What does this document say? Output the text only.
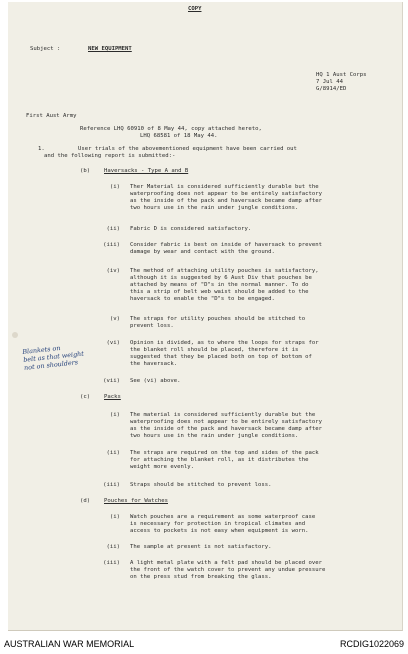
COPY
Subject :	NEW EQUIPMENT
HQ 1 Aust Corps
7 Jul 44
G/8914/ED
First Aust Army
Reference LHQ 60910 of 8 May 44, copy attached hereto,
LHQ 68581 of 18 May 44.
1.	User trials of the abovementioned equipment have been carried out
and the following report is submitted:-
(b) Haversacks - Type A and B
(i) Ther Material is considered sufficiently durable but the
waterproofing does not appear to be entirely satisfactory
as the inside of the pack and haversack became damp after
two hours use in the rain under jungle conditions.
(ii) Fabric D is considered satisfactory.
(iii) Consider fabric is best on inside of haversack to prevent
damage by wear and contact with the ground.
(iv) The method of attaching utility pouches is satisfactory,
although it is suggested by 6 Aust Div that pouches be
attached by means of "D"s in the normal manner. To do
this a strip of belt web waist should be added to the
haversack to enable the "D"s to be engaged.
(v) The straps for utility pouches should be stitched to
prevent loss.
(vi) Opinion is divided, as to where the loops for straps for
the blanket roll should be placed, therefore it is
suggested that they be placed both on top of bottom of
the haversack.
(vii) See (vi) above.
Blankets on
belt as that weight
not on shoulders
(c) Packs
(i) The material is considered sufficiently durable but the
waterproofing does not appear to be entirely satisfactory
as the inside of the pack and haversack became damp after
two hours use in the rain under jungle conditions.
(ii) The straps are required on the top and sides of the pack
for attaching the blanket roll, as it distributes the
weight more evenly.
(iii) Straps should be stitched to prevent loss.
(d) Pouches for Watches
(i) Watch pouches are a requirement as some waterproof case
is necessary for protection in tropical climates and
access to pockets is not easy when equipment is worn.
(ii) The sample at present is not satisfactory.
(iii) A light metal plate with a felt pad should be placed over
the front of the watch cover to prevent any undue pressure
on the press stud from breaking the glass.
AUSTRALIAN WAR MEMORIAL	RCDIG1022069
